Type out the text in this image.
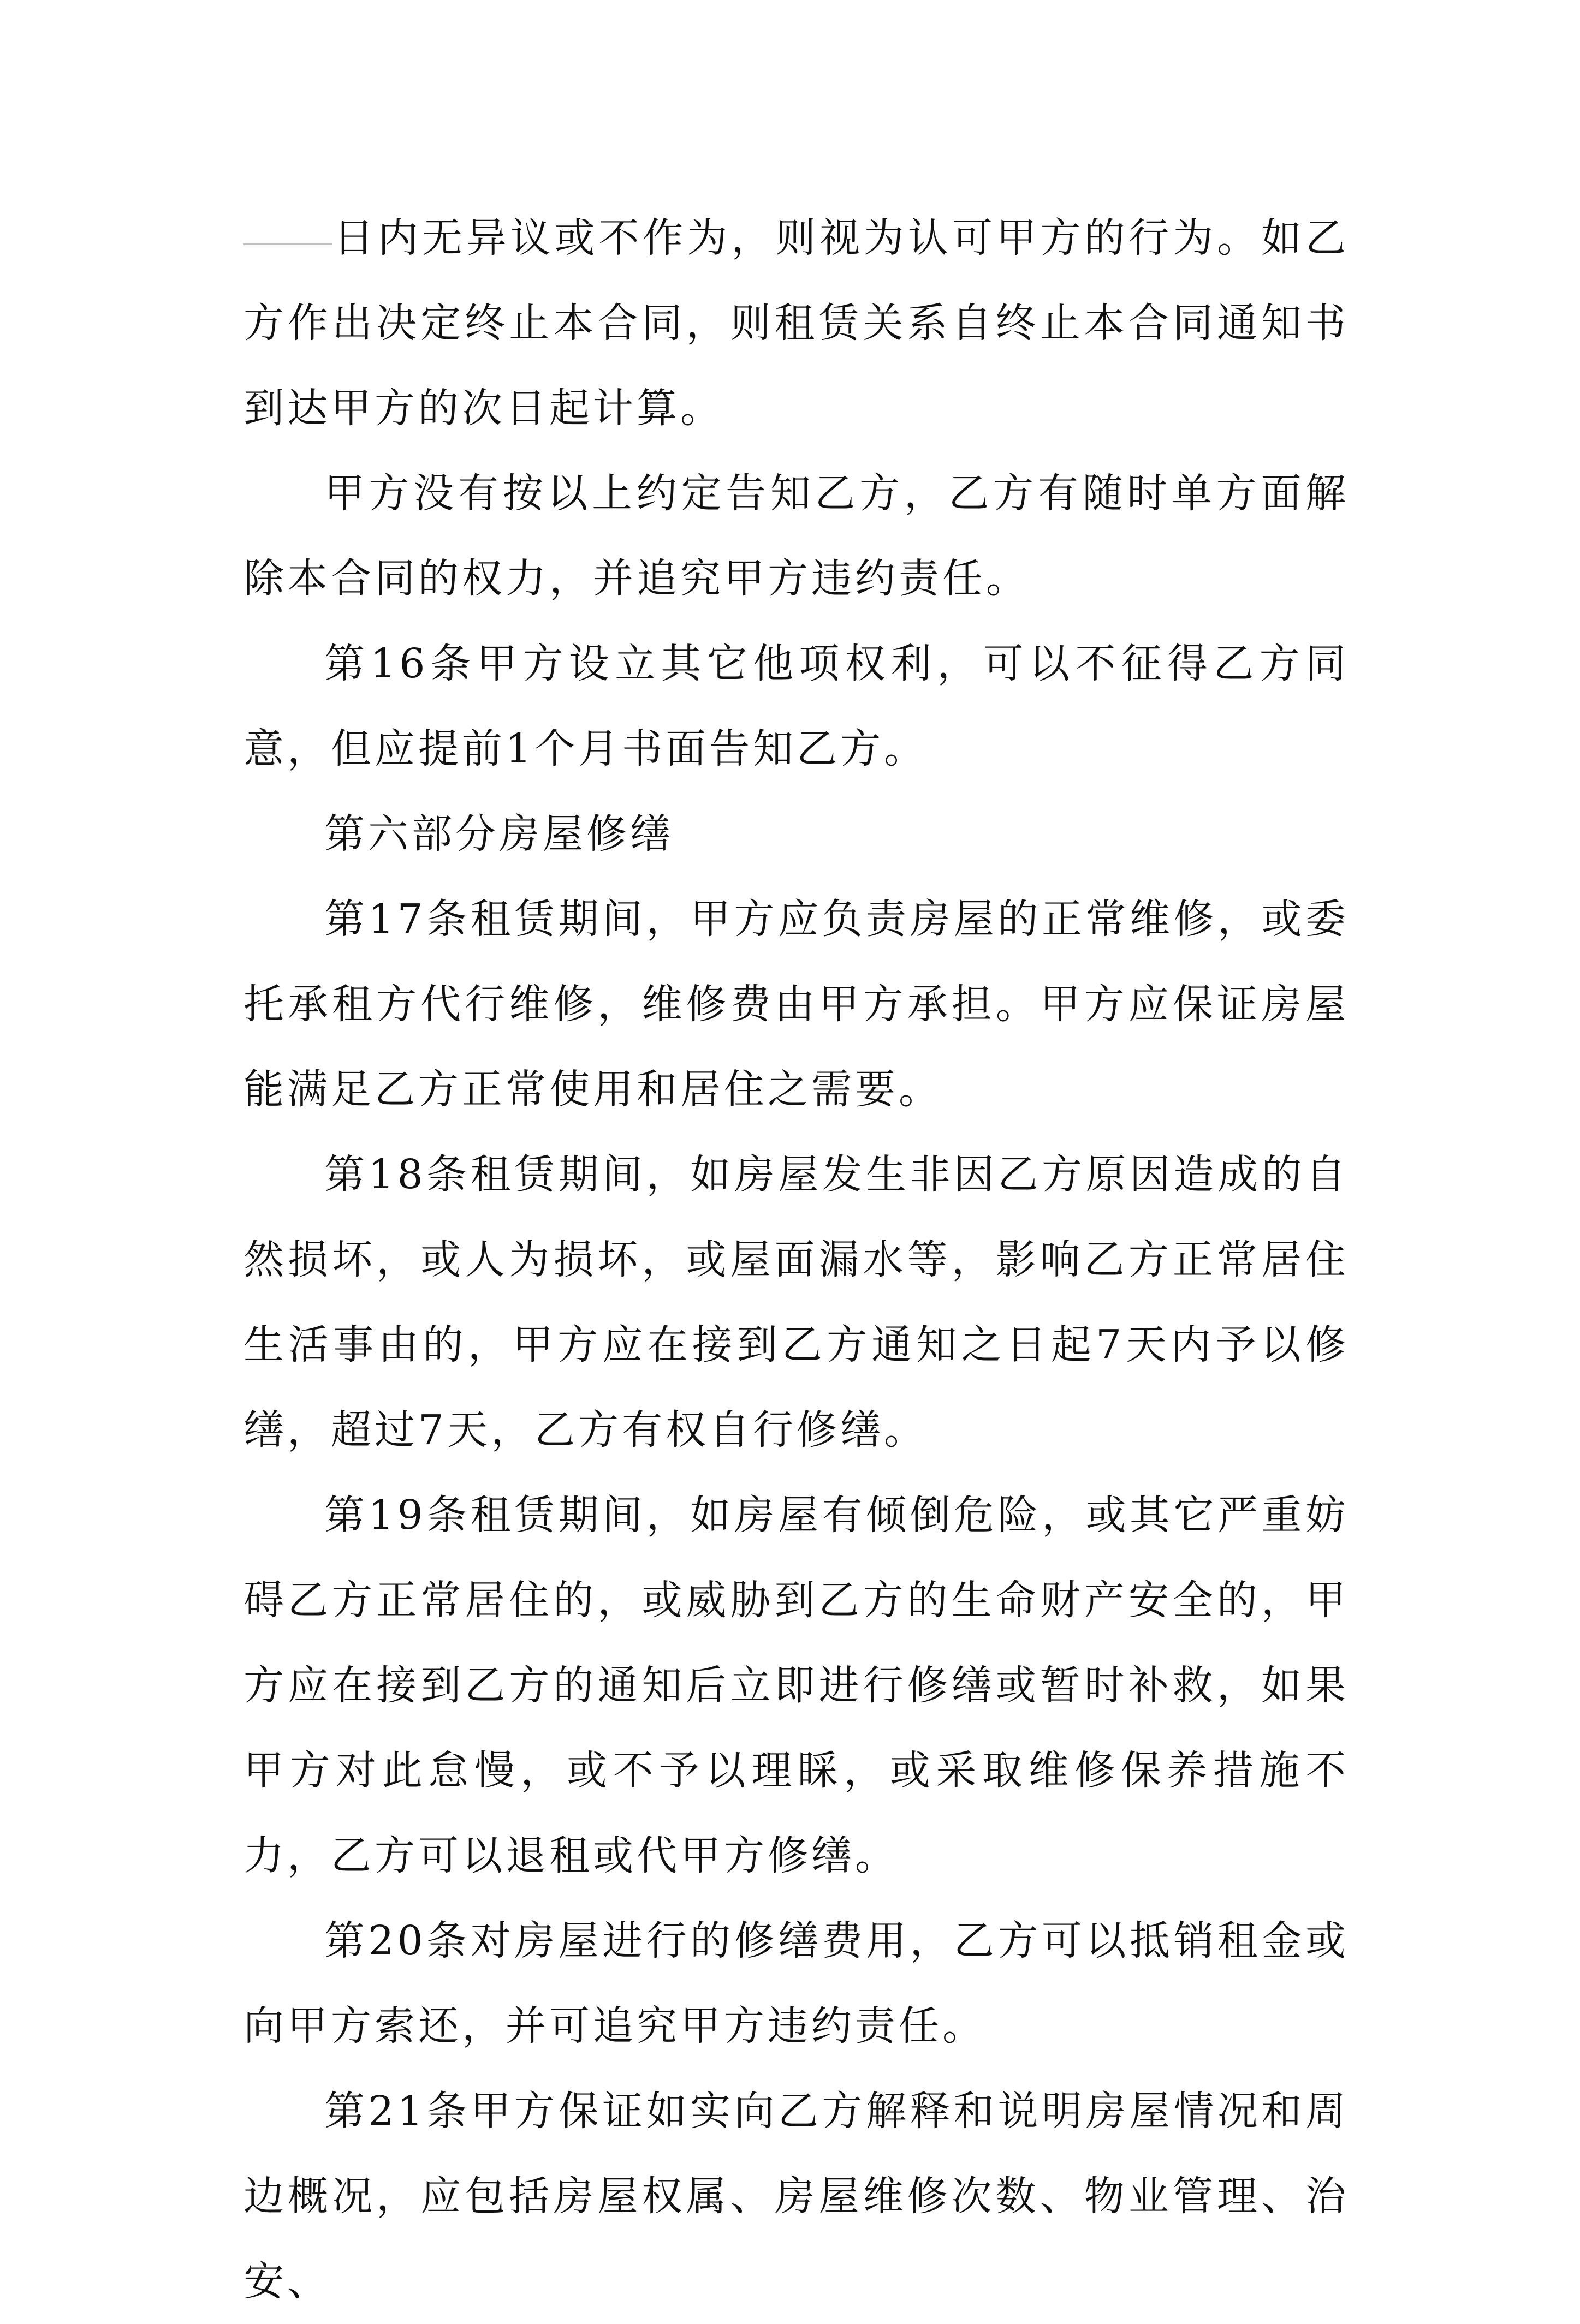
日内无异议或不作为，则视为认可甲方的行为。如乙方作出决定终止本合同，则租赁关系自终止本合同通知书到达甲方的次日起计算。

甲方没有按以上约定告知乙方，乙方有随时单方面解除本合同的权力，并追究甲方违约责任。

第16条甲方设立其它他项权利，可以不征得乙方同意，但应提前1个月书面告知乙方。

第六部分房屋修缮

第17条租赁期间，甲方应负责房屋的正常维修，或委托承租方代行维修，维修费由甲方承担。甲方应保证房屋能满足乙方正常使用和居住之需要。

第18条租赁期间，如房屋发生非因乙方原因造成的自然损坏，或人为损坏，或屋面漏水等，影响乙方正常居住生活事由的，甲方应在接到乙方通知之日起7天内予以修缮，超过7天，乙方有权自行修缮。

第19条租赁期间，如房屋有倾倒危险，或其它严重妨碍乙方正常居住的，或威胁到乙方的生命财产安全的，甲方应在接到乙方的通知后立即进行修缮或暂时补救，如果甲方对此怠慢，或不予以理睬，或采取维修保养措施不力，乙方可以退租或代甲方修缮。

第20条对房屋进行的修缮费用，乙方可以抵销租金或向甲方索还，并可追究甲方违约责任。

第21条甲方保证如实向乙方解释和说明房屋情况和周边概况，应包括房屋权属、房屋维修次数、物业管理、治安、
